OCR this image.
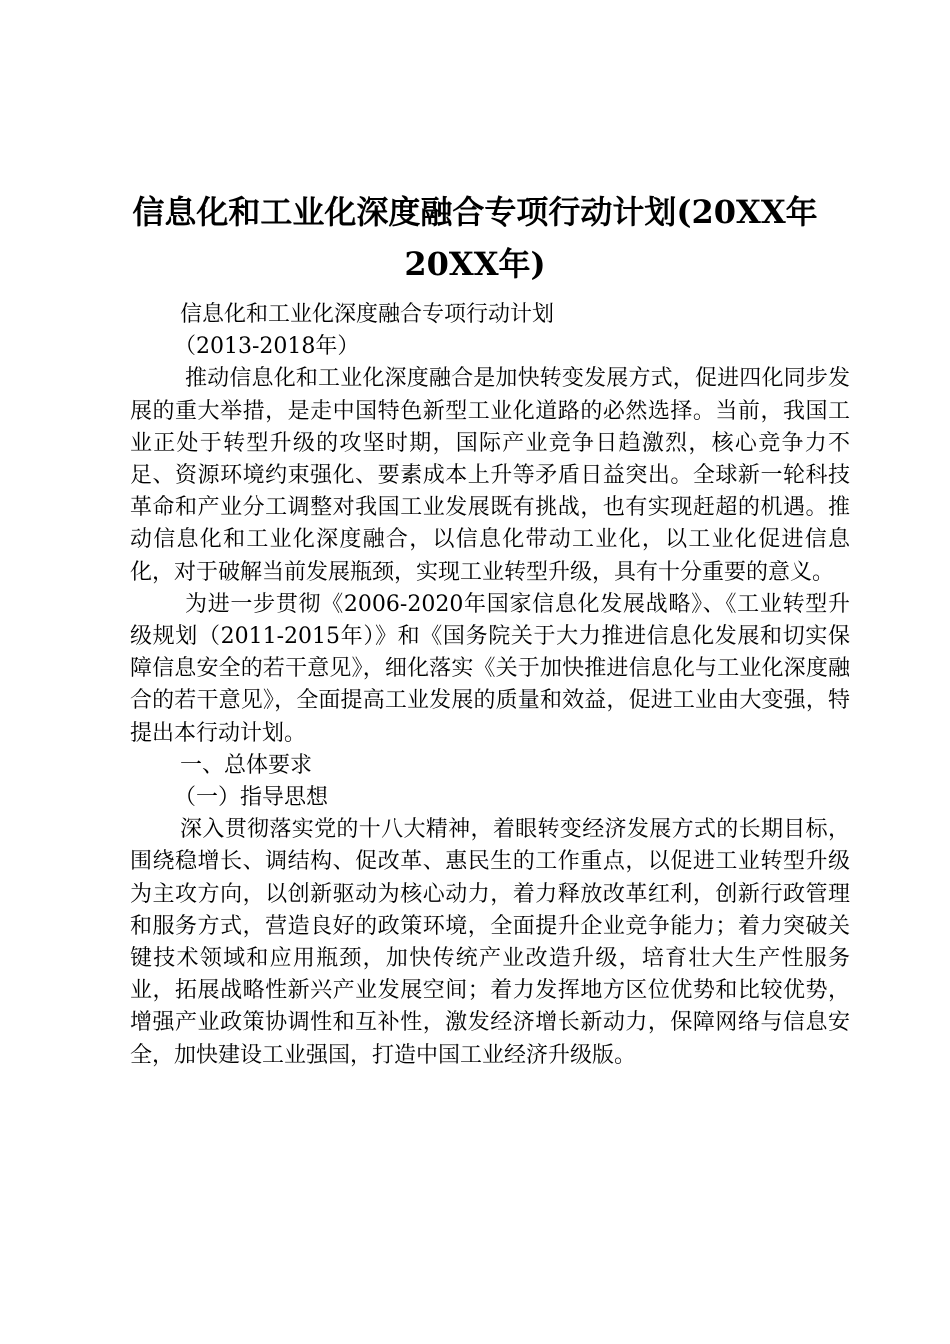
信息化和工业化深度融合专项行动计划(20XX年20XX年)

信息化和工业化深度融合专项行动计划

（2013-2018年）

推动信息化和工业化深度融合是加快转变发展方式，促进四化同步发展的重大举措，是走中国特色新型工业化道路的必然选择。当前，我国工业正处于转型升级的攻坚时期，国际产业竞争日趋激烈，核心竞争力不足、资源环境约束强化、要素成本上升等矛盾日益突出。全球新一轮科技革命和产业分工调整对我国工业发展既有挑战，也有实现赶超的机遇。推动信息化和工业化深度融合，以信息化带动工业化，以工业化促进信息化，对于破解当前发展瓶颈，实现工业转型升级，具有十分重要的意义。

为进一步贯彻《2006-2020年国家信息化发展战略》、《工业转型升级规划（2011-2015年）》和《国务院关于大力推进信息化发展和切实保障信息安全的若干意见》，细化落实《关于加快推进信息化与工业化深度融合的若干意见》，全面提高工业发展的质量和效益，促进工业由大变强，特提出本行动计划。

一、总体要求

（一）指导思想

深入贯彻落实党的十八大精神，着眼转变经济发展方式的长期目标，围绕稳增长、调结构、促改革、惠民生的工作重点，以促进工业转型升级为主攻方向，以创新驱动为核心动力，着力释放改革红利，创新行政管理和服务方式，营造良好的政策环境，全面提升企业竞争能力；着力突破关键技术领域和应用瓶颈，加快传统产业改造升级，培育壮大生产性服务业，拓展战略性新兴产业发展空间；着力发挥地方区位优势和比较优势，增强产业政策协调性和互补性，激发经济增长新动力，保障网络与信息安全，加快建设工业强国，打造中国工业经济升级版。
